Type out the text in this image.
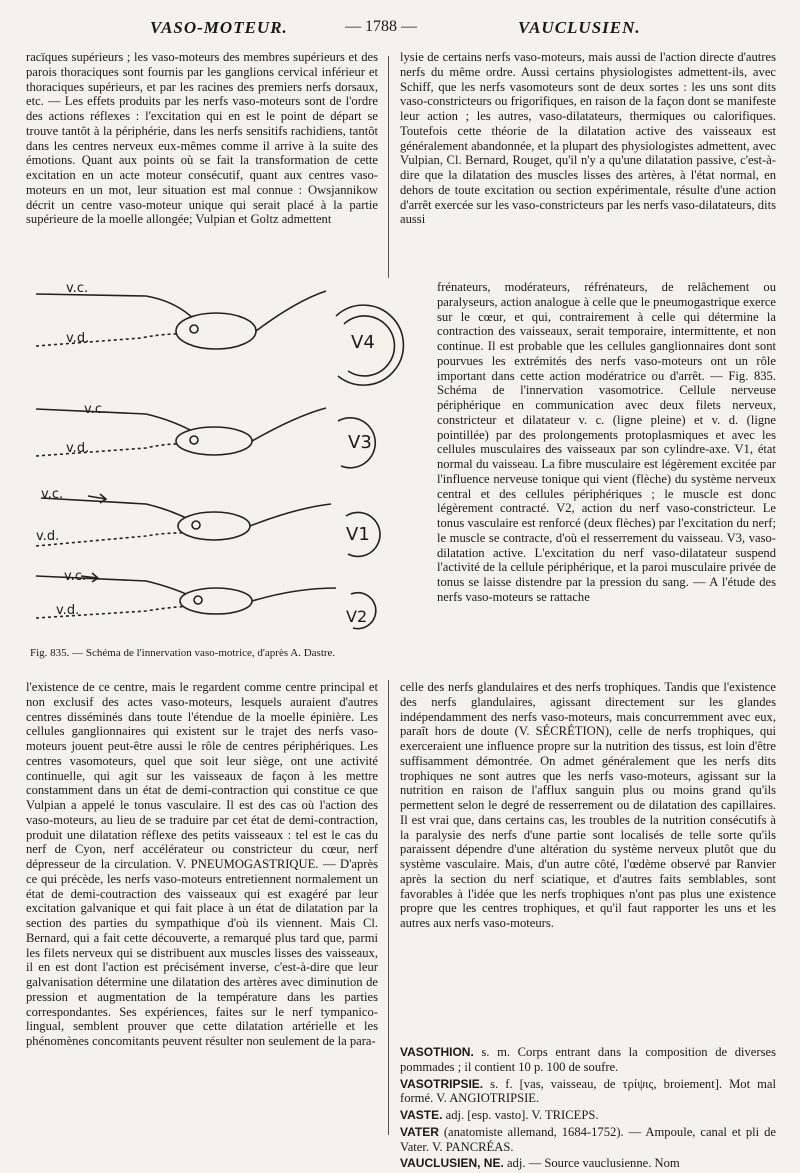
VASO-MOTEUR.	— 1788 —	VAUCLUSIEN.

racïques supérieurs ; les vaso-moteurs des membres supérieurs et des parois thoraciques sont fournis par les ganglions cervical inférieur et thoraciques supérieurs, et par les racines des premiers nerfs dorsaux, etc. — Les effets produits par les nerfs vaso-moteurs sont de l'ordre des actions réflexes : l'excitation qui en est le point de départ se trouve tantôt à la périphérie, dans les nerfs sensitifs rachidiens, tantôt dans les centres nerveux eux-mêmes comme il arrive à la suite des émotions. Quant aux points où se fait la transformation de cette excitation en un acte moteur consécutif, quant aux centres vaso-moteurs en un mot, leur situation est mal connue : Owsjannikow décrit un centre vaso-moteur unique qui serait placé à la partie supérieure de la moelle allongée; Vulpian et Goltz admettent

lysie de certains nerfs vaso-moteurs, mais aussi de l'action directe d'autres nerfs du même ordre. Aussi certains physiologistes admettent-ils, avec Schiff, que les nerfs vasomoteurs sont de deux sortes : les uns sont dits vaso-constricteurs ou frigorifiques, en raison de la façon dont se manifeste leur action ; les autres, vaso-dilatateurs, thermiques ou calorifiques. Toutefois cette théorie de la dilatation active des vaisseaux est généralement abandonnée, et la plupart des physiologistes admettent, avec Vulpian, Cl. Bernard, Rouget, qu'il n'y a qu'une dilatation passive, c'est-à-dire que la dilatation des muscles lisses des artères, à l'état normal, en dehors de toute excitation ou section expérimentale, résulte d'une action d'arrêt exercée sur les vaso-constricteurs par les nerfs vaso-dilatateurs, dits aussi

v.c.
v.d.	V4
v.c.
v.d.	V3
v.c.
v.d.	V1
v.c.
v.d.	V2
Fig. 835. — Schéma de l'innervation vaso-motrice, d'après A. Dastre.

frénateurs, modérateurs, réfrénateurs, de relâchement ou paralyseurs, action analogue à celle que le pneumogastrique exerce sur le cœur, et qui, contrairement à celle qui détermine la contraction des vaisseaux, serait temporaire, intermittente, et non continue. Il est probable que les cellules ganglionnaires dont sont pourvues les extrémités des nerfs vaso-moteurs ont un rôle important dans cette action modératrice ou d'arrêt. — Fig. 835. Schéma de l'innervation vasomotrice. Cellule nerveuse périphérique en communication avec deux filets nerveux, constricteur et dilatateur v. c. (ligne pleine) et v. d. (ligne pointillée) par des prolongements protoplasmiques et avec les cellules musculaires des vaisseaux par son cylindre-axe. V1, état normal du vaisseau. La fibre musculaire est légèrement excitée par l'influence nerveuse tonique qui vient (flèche) du système nerveux central et des cellules périphériques ; le muscle est donc légèrement contracté. V2, action du nerf vaso-constricteur. Le tonus vasculaire est renforcé (deux flèches) par l'excitation du nerf; le muscle se contracte, d'où el resserrement du vaisseau. V3, vaso-dilatation active. L'excitation du nerf vaso-dilatateur suspend l'activité de la cellule périphérique, et la paroi musculaire privée de tonus se laisse distendre par la pression du sang. — A l'étude des nerfs vaso-moteurs se rattache

l'existence de ce centre, mais le regardent comme centre principal et non exclusif des actes vaso-moteurs, lesquels auraient d'autres centres disséminés dans toute l'étendue de la moelle épinière. Les cellules ganglionnaires qui existent sur le trajet des nerfs vaso-moteurs jouent peut-être aussi le rôle de centres périphériques. Les centres vasomoteurs, quel que soit leur siège, ont une activité continuelle, qui agit sur les vaisseaux de façon à les mettre constamment dans un état de demi-contraction qui constitue ce que Vulpian a appelé le tonus vasculaire. Il est des cas où l'action des vaso-moteurs, au lieu de se traduire par cet état de demi-contraction, produit une dilatation réflexe des petits vaisseaux : tel est le cas du nerf de Cyon, nerf accélérateur ou constricteur du cœur, nerf dépresseur de la circulation. V. PNEUMOGASTRIQUE. — D'après ce qui précède, les nerfs vaso-moteurs entretiennent normalement un état de demi-coutraction des vaisseaux qui est exagéré par leur excitation galvanique et qui fait place à un état de dilatation par la section des parties du sympathique d'où ils viennent. Mais Cl. Bernard, qui a fait cette découverte, a remarqué plus tard que, parmi les filets nerveux qui se distribuent aux muscles lisses des vaisseaux, il en est dont l'action est précisément inverse, c'est-à-dire que leur galvanisation détermine une dilatation des artères avec diminution de pression et augmentation de la température dans les parties correspondantes. Ses expériences, faites sur le nerf tympanico-lingual, semblent prouver que cette dilatation artérielle et les phénomènes concomitants peuvent résulter non seulement de la para-

celle des nerfs glandulaires et des nerfs trophiques. Tandis que l'existence des nerfs glandulaires, agissant directement sur les glandes indépendamment des nerfs vaso-moteurs, mais concurremment avec eux, paraît hors de doute (V. SÉCRÉTION), celle de nerfs trophiques, qui exerceraient une influence propre sur la nutrition des tissus, est loin d'être suffisamment démontrée. On admet généralement que les nerfs dits trophiques ne sont autres que les nerfs vaso-moteurs, agissant sur la nutrition en raison de l'afflux sanguin plus ou moins grand qu'ils permettent selon le degré de resserrement ou de dilatation des capillaires. Il est vrai que, dans certains cas, les troubles de la nutrition consécutifs à la paralysie des nerfs d'une partie sont localisés de telle sorte qu'ils paraissent dépendre d'une altération du système nerveux plutôt que du système vasculaire. Mais, d'un autre côté, l'œdème observé par Ranvier après la section du nerf sciatique, et d'autres faits semblables, sont favorables à l'idée que les nerfs trophiques n'ont pas plus une existence propre que les centres trophiques, et qu'il faut rapporter les uns et les autres aux nerfs vaso-moteurs.

VASOTHION. s. m. Corps entrant dans la composition de diverses pommades ; il contient 10 p. 100 de soufre.

VASOTRIPSIE. s. f. [vas, vaisseau, de τρίψις, broiement]. Mot mal formé. V. ANGIOTRIPSIE.

VASTE. adj. [esp. vasto]. V. TRICEPS.

VATER (anatomiste allemand, 1684-1752). — Ampoule, canal et pli de Vater. V. PANCRÉAS.

VAUCLUSIEN, NE. adj. — Source vauclusienne. Nom
